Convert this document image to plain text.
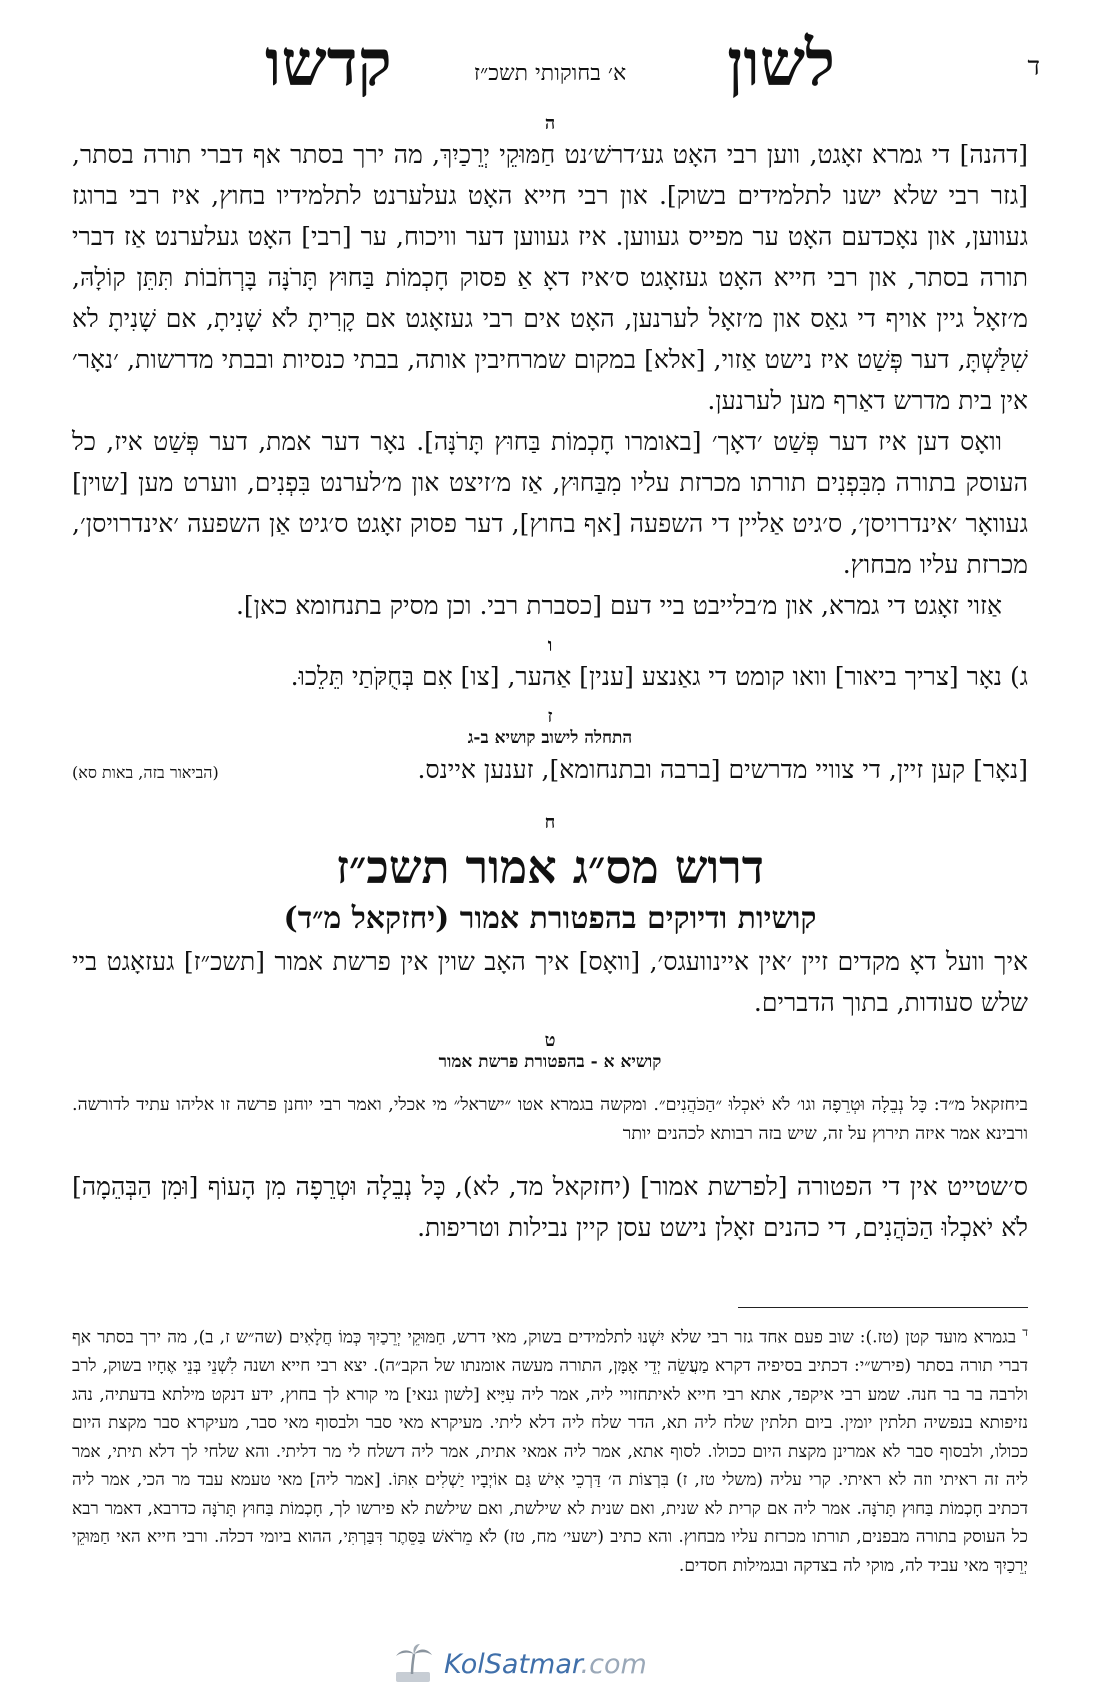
ד
לשון
א׳ בחוקותי תשכ״ז
קדשו
ה

[דהנה] די גמרא זאָגט, ווען רבי האָט גע׳דרשׁ׳נט חַמּוּקֵי יְרֵכַיִךְ, מה ירך בסתר אף דברי תורה בסתר, [גזר רבי שלא ישנו לתלמידים בשוק]. און רבי חייא האָט געלערנט לתלמידיו בחוץ, איז רבי ברוגז געווען, און נאָכדעם האָט ער מפייס געווען. איז געווען דער וויכוח, ער [רבי] האָט געלערנט אַז דברי תורה בסתר, און רבי חייא האָט געזאָגט ס׳איז דאָ אַ פסוק חָכְמוֹת בַּחוּץ תָּרֹנָּה בָּרְחֹבוֹת תִּתֵּן קוֹלָהּ, מ׳זאָל גיין אויף די גאַס און מ׳זאָל לערנען, האָט אים רבי געזאָגט אם קָרִיתָ לֹא שָׁנִיתָ, אם שָׁנִיתָ לא שִׁלַּשְׁתָּ, דער פְּשַׁט איז נישט אַזוי, [אלא] במקום שמרחיבין אותה, בבתי כנסיות ובבתי מדרשות, ׳נאָר׳ אין בית מדרש דאַרף מען לערנען.

וואָס דען איז דער פְּשַׁט ׳דאָך׳ [באומרו חָכְמוֹת בַּחוּץ תָּרֹנָּה]. נאָר דער אמת, דער פְּשַׁט איז, כל העוסק בתורה מִבִּפְנִים תורתו מכרזת עליו מִבַּחוּץ, אַז מ׳זיצט און מ׳לערנט בִּפְנִים, ווערט מען [שוין] געוואָר ׳אינדרויסן׳, ס׳גיט אַליין די השפעה [אף בחוץ], דער פסוק זאָגט ס׳גיט אַן השפעה ׳אינדרויסן׳, מכרזת עליו מבחוץ.

אַזוי זאָגט די גמרא, און מ׳בלייבט ביי דעם [כסברת רבי. וכן מסיק בתנחומא כאן].

ו

ג) נאָר [צריך ביאור] וואו קומט די גאַנצע [ענין] אַהער, [צו] אִם בְּחֻקֹּתַי תֵּלֵכוּ.

ז
התחלה לישוב קושיא ב-ג
[נאָר] קען זיין, די צוויי מדרשים [ברבה ובתנחומא], זענען איינס.
(הביאור בזה, באות סא)
ח
דרוש מס״ג אמור תשכ״ז
קושיות ודיוקים בהפטורת אמור (יחזקאל מ״ד)

איך וועל דאָ מקדים זיין ׳אין איינוועגס׳, [וואָס] איך האָב שוין אין פרשת אמור [תשכ״ז] געזאָגט ביי שלש סעודות, בתוך הדברים.

ט
קושיא א - בהפטורת פרשת אמור

ביחזקאל מ״ד: כָּל נְבֵלָה וּטְרֵפָה וגו׳ לֹא יֹאכְלוּ ״הַכֹּהֲנִים״. ומקשה בגמרא אטו ״ישראל״ מי אכלי, ואמר רבי יוחנן פרשה זו אליהו עתיד לדורשה. ורבינא אמר איזה תירוץ על זה, שיש בזה רבותא לכהנים יותר

ס׳שטייט אין די הפטורה [לפרשת אמור] (יחזקאל מד, לא), כָּל נְבֵלָה וּטְרֵפָה מִן הָעוֹף [וּמִן הַבְּהֵמָה] לֹא יֹאכְלוּ הַכֹּהֲנִים, די כהנים זאָלן נישט עסן קיין נבילות וטריפות.

$^ד$ בגמרא מועד קטן (טז.): שוב פעם אחד גזר רבי שלא יִשְׁנוּ לתלמידים בשוק, מאי דרש, חַמּוּקֵי יְרֵכַיִךְ כְּמוֹ חֲלָאִים (שה״ש ז, ב), מה ירך בסתר אף דברי תורה בסתר (פירש״י: דכתיב בסיפיה דקרא מַעֲשֵׂה יְדֵי אָמָּן, התורה מעשה אומנתו של הקב״ה). יצא רבי חייא ושנה לִשְׁנֵי בְּנֵי אֶחָיו בשוק, לרב ולרבה בר בר חנה. שמע רבי איקפד, אתא רבי חייא לאיתחזויי ליה, אמר ליה עִיָּיא [לשון גנאי] מי קורא לך בחוץ, ידע דנקט מילתא בדעתיה, נהג נזיפותא בנפשיה תלתין יומין. ביום תלתין שלח ליה תא, הדר שלח ליה דלא ליתי. מעיקרא מאי סבר ולבסוף מאי סבר, מעיקרא סבר מקצת היום ככולו, ולבסוף סבר לא אמרינן מקצת היום ככולו. לסוף אתא, אמר ליה אמאי אתית, אמר ליה דשלח לי מר דליתי. והא שלחי לך דלא תיתי, אמר ליה זה ראיתי וזה לא ראיתי. קרי עליה (משלי טז, ז) בִּרְצוֹת ה׳ דַּרְכֵי אִישׁ גַּם אוֹיְבָיו יַשְׁלִים אִתּוֹ. [אמר ליה] מאי טעמא עבד מר הכי, אמר ליה דכתיב חָכְמוֹת בַּחוּץ תָּרֹנָּה. אמר ליה אם קרית לא שנית, ואם שנית לא שילשת, ואם שילשת לא פירשו לך, חָכְמוֹת בַּחוּץ תָּרֹנָּה כדרבא, דאמר רבא כל העוסק בתורה מבפנים, תורתו מכרזת עליו מבחוץ. והא כתיב (ישעי׳ מח, טז) לֹא מֵרֹאשׁ בַּסֵּתֶר דִּבַּרְתִּי, ההוא ביומי דכלה. ורבי חייא האי חַמּוּקֵי יְרֵכַיִךְ מאי עביד לה, מוקי לה בצדקה ובגמילות חסדים.
KolSatmar.com
